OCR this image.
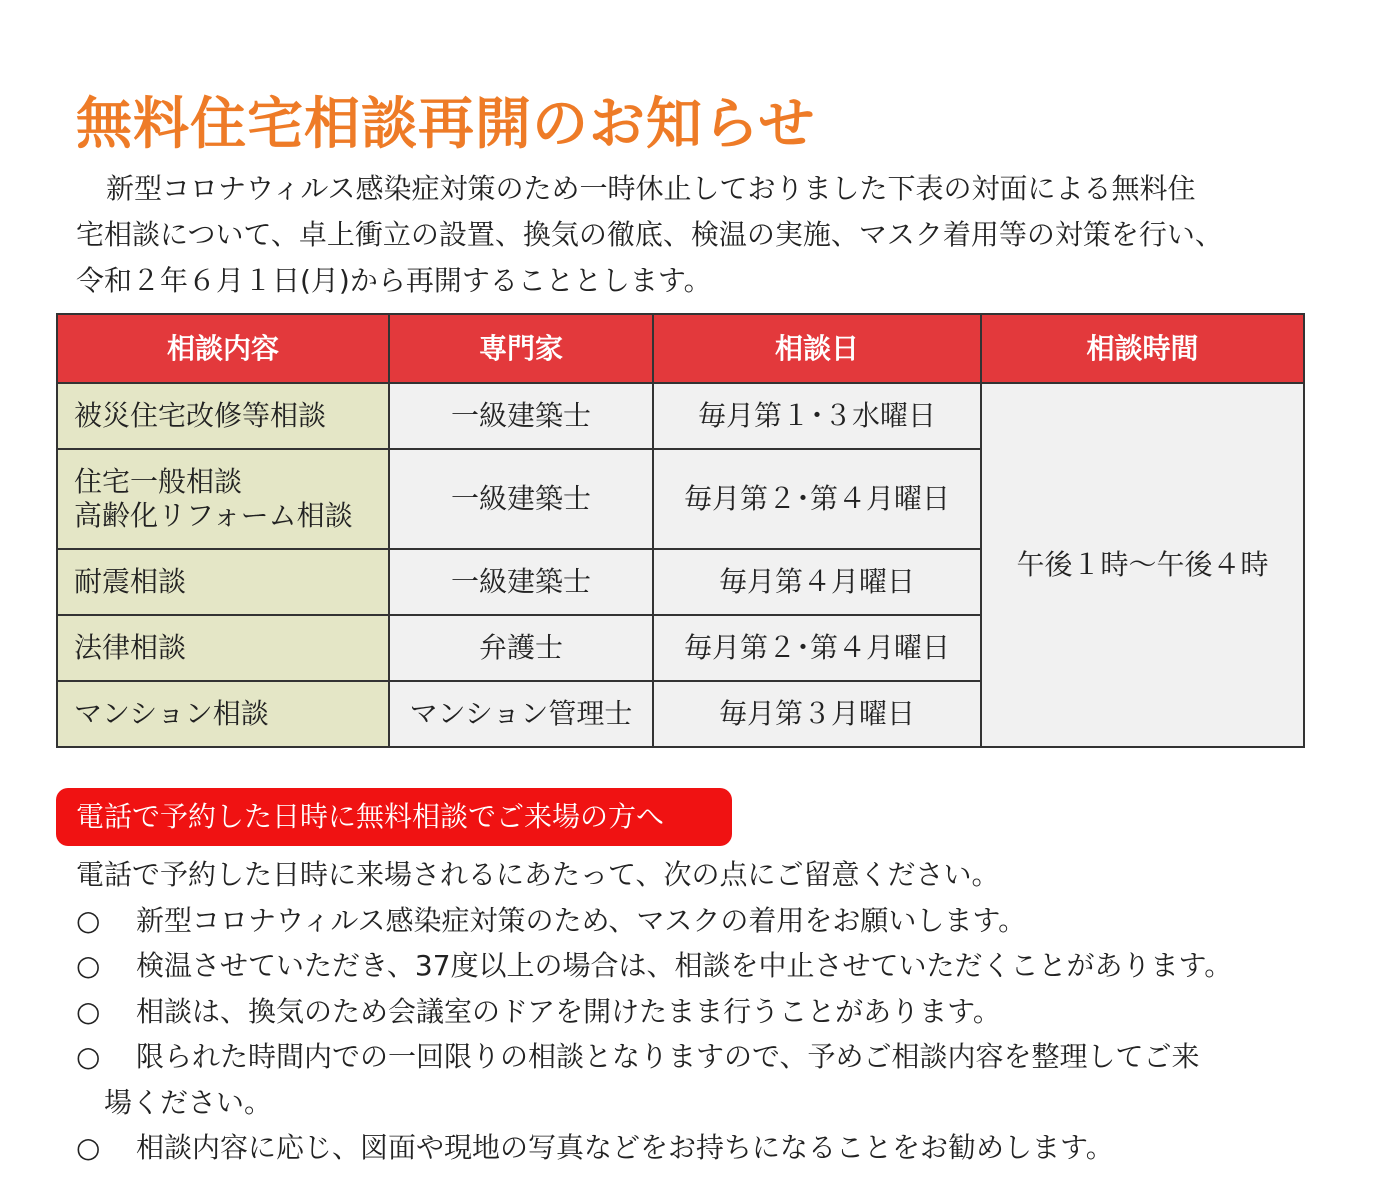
無料住宅相談再開のお知らせ

新型コロナウィルス感染症対策のため一時休止しておりました下表の対面による無料住

宅相談について、卓上衝立の設置、換気の徹底、検温の実施、マスク着用等の対策を行い、

令和２年６月１日(月)から再開することとします。

相談内容	専門家	相談日	相談時間
被災住宅改修等相談	一級建築士	毎月第１･３水曜日	午後１時～午後４時

住宅一般相談
高齢化リフォーム相談	一級建築士	毎月第２･第４月曜日	
耐震相談	一級建築士	毎月第４月曜日	
法律相談	弁護士	毎月第２･第４月曜日	
マンション相談	マンション管理士	毎月第３月曜日	
電話で予約した日時に無料相談でご来場の方へ

電話で予約した日時に来場されるにあたって、次の点にご留意ください。

○	新型コロナウィルス感染症対策のため、マスクの着用をお願いします。
○	検温させていただき、37度以上の場合は、相談を中止させていただくことがあります。
○	相談は、換気のため会議室のドアを開けたまま行うことがあります。
○	限られた時間内での一回限りの相談となりますので、予めご相談内容を整理してご来
場ください。
○	相談内容に応じ、図面や現地の写真などをお持ちになることをお勧めします。
